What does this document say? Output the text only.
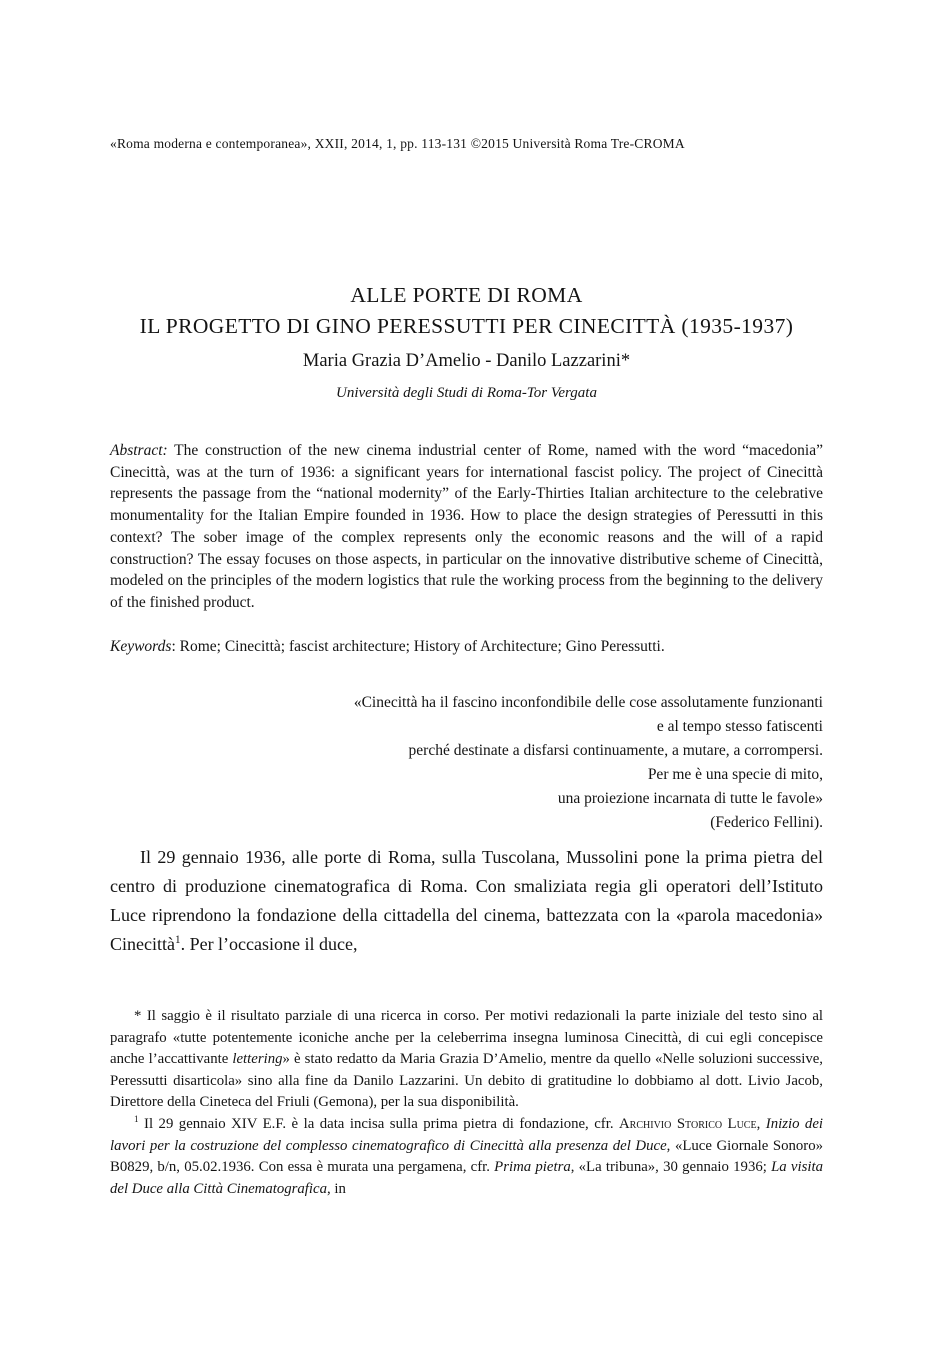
«Roma moderna e contemporanea», XXII, 2014, 1, pp. 113-131 ©2015 Università Roma Tre-CROMA
ALLE PORTE DI ROMA
IL PROGETTO DI GINO PERESSUTTI PER CINECITTÀ (1935-1937)
Maria Grazia D’Amelio - Danilo Lazzarini*
Università degli Studi di Roma-Tor Vergata
Abstract: The construction of the new cinema industrial center of Rome, named with the word “macedonia” Cinecittà, was at the turn of 1936: a significant years for international fascist policy. The project of Cinecittà represents the passage from the “national modernity” of the Early-Thirties Italian architecture to the celebrative monumentality for the Italian Empire founded in 1936. How to place the design strategies of Peressutti in this context? The sober image of the complex represents only the economic reasons and the will of a rapid construction? The essay focuses on those aspects, in particular on the innovative distributive scheme of Cinecittà, modeled on the principles of the modern logistics that rule the working process from the beginning to the delivery of the finished product.
Keywords: Rome; Cinecittà; fascist architecture; History of Architecture; Gino Peressutti.
«Cinecittà ha il fascino inconfondibile delle cose assolutamente funzionanti
e al tempo stesso fatiscenti
perché destinate a disfarsi continuamente, a mutare, a corrompersi.
Per me è una specie di mito,
una proiezione incarnata di tutte le favole»
(Federico Fellini).
Il 29 gennaio 1936, alle porte di Roma, sulla Tuscolana, Mussolini pone la prima pietra del centro di produzione cinematografica di Roma. Con smaliziata regia gli operatori dell’Istituto Luce riprendono la fondazione della cittadella del cinema, battezzata con la «parola macedonia» Cinecittà$^1$. Per l’occasione il duce,

* Il saggio è il risultato parziale di una ricerca in corso. Per motivi redazionali la parte iniziale del testo sino al paragrafo «tutte potentemente iconiche anche per la celeberrima insegna luminosa Cinecittà, di cui egli concepisce anche l’accattivante lettering» è stato redatto da Maria Grazia D’Amelio, mentre da quello «Nelle soluzioni successive, Peressutti disarticola» sino alla fine da Danilo Lazzarini. Un debito di gratitudine lo dobbiamo al dott. Livio Jacob, Direttore della Cineteca del Friuli (Gemona), per la sua disponibilità.

$^1$ Il 29 gennaio XIV E.F. è la data incisa sulla prima pietra di fondazione, cfr. Archivio Storico Luce, Inizio dei lavori per la costruzione del complesso cinematografico di Cinecittà alla presenza del Duce, «Luce Giornale Sonoro» B0829, b/n, 05.02.1936. Con essa è murata una pergamena, cfr. Prima pietra, «La tribuna», 30 gennaio 1936; La visita del Duce alla Città Cinematografica, in
